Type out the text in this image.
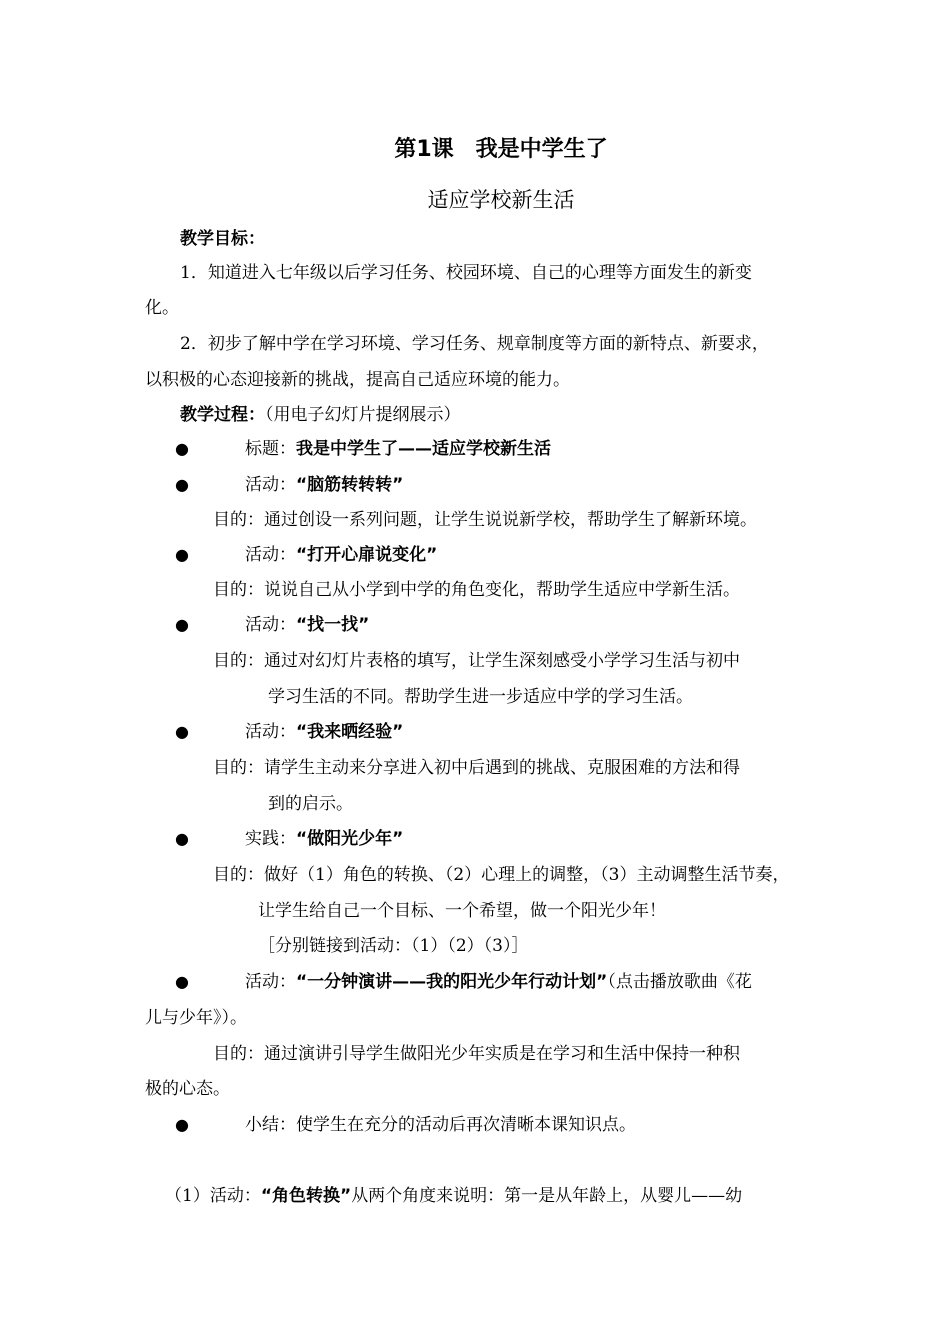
第1课　我是中学生了
适应学校新生活
教学目标：
1．知道进入七年级以后学习任务、校园环境、自己的心理等方面发生的新变
化。
2．初步了解中学在学习环境、学习任务、规章制度等方面的新特点、新要求，
以积极的心态迎接新的挑战，提高自己适应环境的能力。
教学过程：（用电子幻灯片提纲展示）
●	标题：我是中学生了——适应学校新生活
●	活动：“脑筋转转转”
目的：通过创设一系列问题，让学生说说新学校，帮助学生了解新环境。
●	活动：“打开心扉说变化”
目的：说说自己从小学到中学的角色变化，帮助学生适应中学新生活。
●	活动：“找一找”
目的：通过对幻灯片表格的填写，让学生深刻感受小学学习生活与初中
学习生活的不同。帮助学生进一步适应中学的学习生活。
●	活动：“我来晒经验”
目的：请学生主动来分享进入初中后遇到的挑战、克服困难的方法和得
到的启示。
●	实践：“做阳光少年”
目的：做好（1）角色的转换、（2）心理上的调整，（3）主动调整生活节奏，
让学生给自己一个目标、一个希望，做一个阳光少年！
［分别链接到活动：（1）（2）（3）］
●	活动：“一分钟演讲——我的阳光少年行动计划”（点击播放歌曲《花
儿与少年》）。
目的：通过演讲引导学生做阳光少年实质是在学习和生活中保持一种积
极的心态。
●	小结：使学生在充分的活动后再次清晰本课知识点。
（1）活动：“角色转换”从两个角度来说明：第一是从年龄上，从婴儿——幼
